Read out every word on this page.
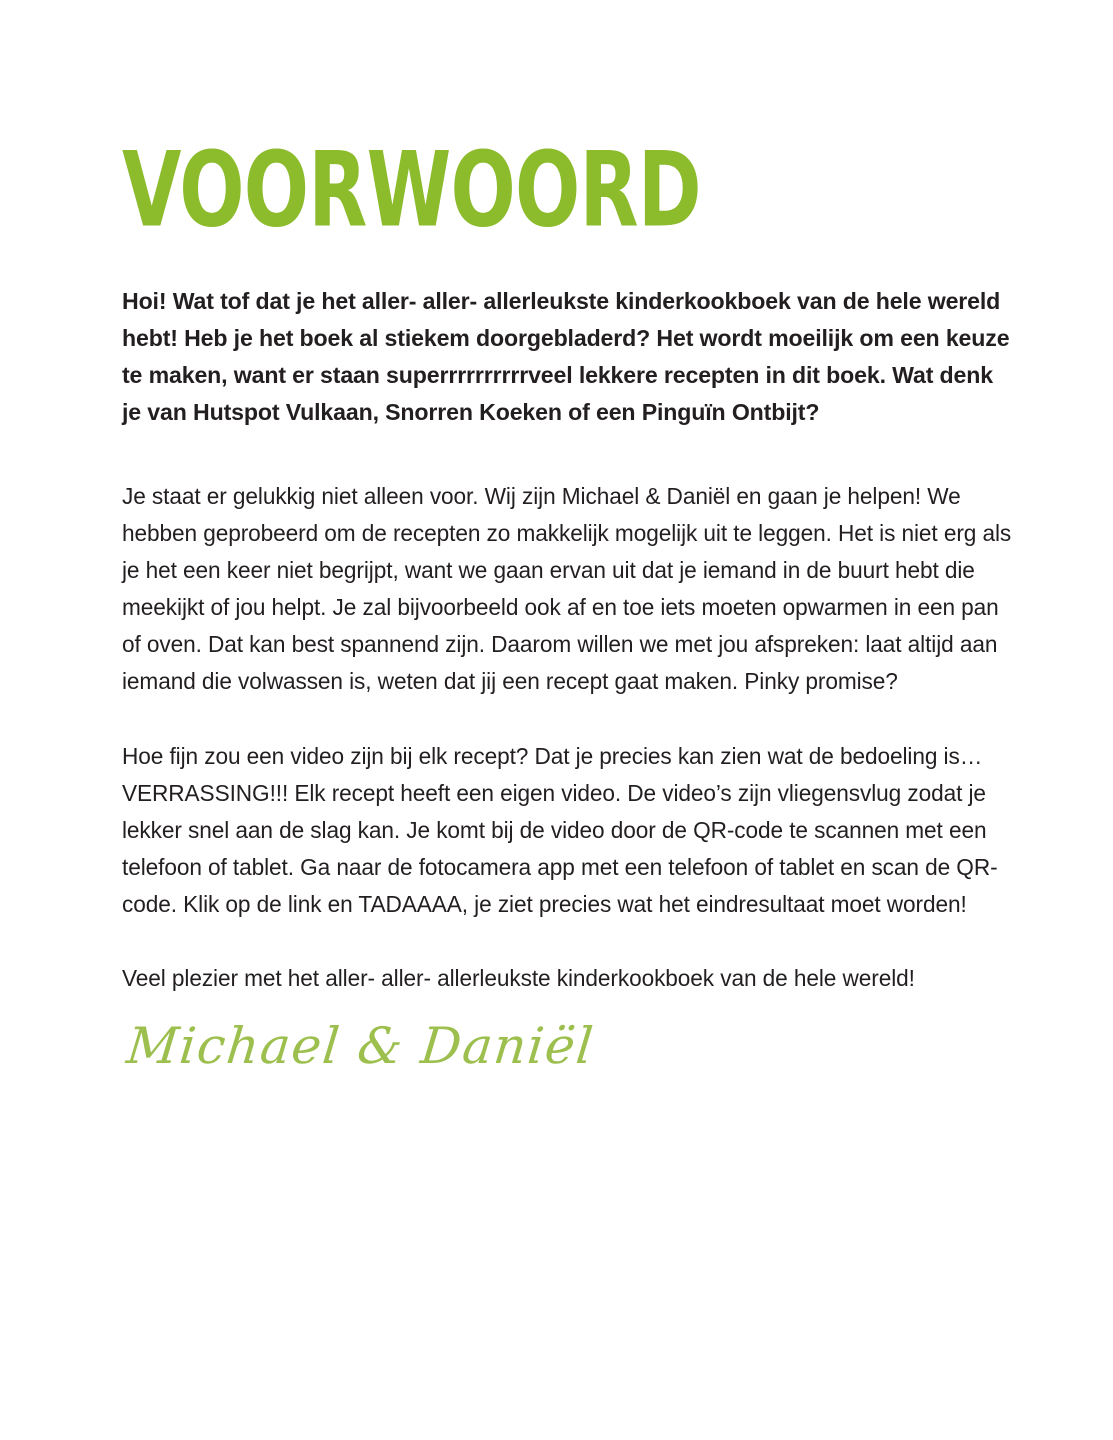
VOORWOORD

Hoi! Wat tof dat je het aller- aller- allerleukste kinderkookboek van de hele wereld hebt! Heb je het boek al stiekem doorgebladerd? Het wordt moeilijk om een keuze te maken, want er staan superrrrrrrrrrveel lekkere recepten in dit boek. Wat denk je van Hutspot Vulkaan, Snorren Koeken of een Pinguïn Ontbijt?

Je staat er gelukkig niet alleen voor. Wij zijn Michael & Daniël en gaan je helpen! We hebben geprobeerd om de recepten zo makkelijk mogelijk uit te leggen. Het is niet erg als je het een keer niet begrijpt, want we gaan ervan uit dat je iemand in de buurt hebt die meekijkt of jou helpt. Je zal bijvoorbeeld ook af en toe iets moeten opwarmen in een pan of oven. Dat kan best spannend zijn. Daarom willen we met jou afspreken: laat altijd aan iemand die volwassen is, weten dat jij een recept gaat maken. Pinky promise?

Hoe fijn zou een video zijn bij elk recept? Dat je precies kan zien wat de bedoeling is… VERRASSING!!! Elk recept heeft een eigen video. De video’s zijn vliegensvlug zodat je lekker snel aan de slag kan. Je komt bij de video door de QR-code te scannen met een telefoon of tablet. Ga naar de fotocamera app met een telefoon of tablet en scan de QR-code. Klik op de link en TADAAAA, je ziet precies wat het eindresultaat moet worden!

Veel plezier met het aller- aller- allerleukste kinderkookboek van de hele wereld!

Michael & Daniël
